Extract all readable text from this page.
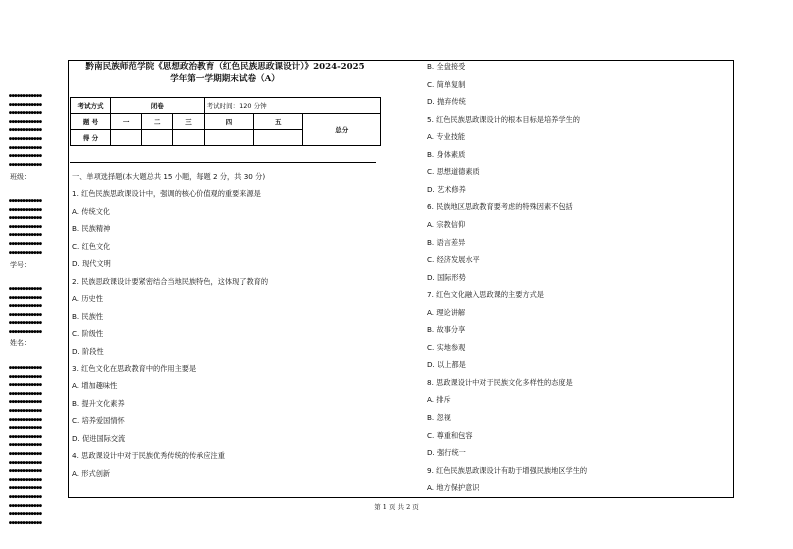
●●●●●●●●●●●●
●●●●●●●●●●●●
●●●●●●●●●●●●
●●●●●●●●●●●●
●●●●●●●●●●●●
●●●●●●●●●●●●
●●●●●●●●●●●●
●●●●●●●●●●●●
●●●●●●●●●●●●
班级：
●●●●●●●●●●●●
●●●●●●●●●●●●
●●●●●●●●●●●●
●●●●●●●●●●●●
●●●●●●●●●●●●
●●●●●●●●●●●●
●●●●●●●●●●●●
学号：
●●●●●●●●●●●●
●●●●●●●●●●●●
●●●●●●●●●●●●
●●●●●●●●●●●●
●●●●●●●●●●●●
●●●●●●●●●●●●
姓名：
●●●●●●●●●●●●
●●●●●●●●●●●●
●●●●●●●●●●●●
●●●●●●●●●●●●
●●●●●●●●●●●●
●●●●●●●●●●●●
●●●●●●●●●●●●
●●●●●●●●●●●●
●●●●●●●●●●●●
●●●●●●●●●●●●
●●●●●●●●●●●●
●●●●●●●●●●●●
●●●●●●●●●●●●
●●●●●●●●●●●●
●●●●●●●●●●●●
●●●●●●●●●●●●
●●●●●●●●●●●●
●●●●●●●●●●●●
●●●●●●●●●●●●
黔南民族师范学院《思想政治教育（红色民族思政课设计）》2024-2025
学年第一学期期末试卷（A）
考试方式	闭卷			考试时间：120 分钟		
题 号	一	二	三	四	五	总分
得 分						
一、单项选择题(本大题总共 15 小题，每题 2 分，共 30 分)
1. 红色民族思政课设计中，强调的核心价值观的重要来源是
A. 传统文化
B. 民族精神
C. 红色文化
D. 现代文明
2. 民族思政课设计要紧密结合当地民族特色，这体现了教育的
A. 历史性
B. 民族性
C. 阶级性
D. 阶段性
3. 红色文化在思政教育中的作用主要是
A. 增加趣味性
B. 提升文化素养
C. 培养爱国情怀
D. 促进国际交流
4. 思政课设计中对于民族优秀传统的传承应注重
A. 形式创新
B. 全盘接受
C. 简单复制
D. 抛弃传统
5. 红色民族思政课设计的根本目标是培养学生的
A. 专业技能
B. 身体素质
C. 思想道德素质
D. 艺术修养
6. 民族地区思政教育要考虑的特殊因素不包括
A. 宗教信仰
B. 语言差异
C. 经济发展水平
D. 国际形势
7. 红色文化融入思政课的主要方式是
A. 理论讲解
B. 故事分享
C. 实地参观
D. 以上都是
8. 思政课设计中对于民族文化多样性的态度是
A. 排斥
B. 忽视
C. 尊重和包容
D. 强行统一
9. 红色民族思政课设计有助于增强民族地区学生的
A. 地方保护意识
第 1 页 共 2 页
